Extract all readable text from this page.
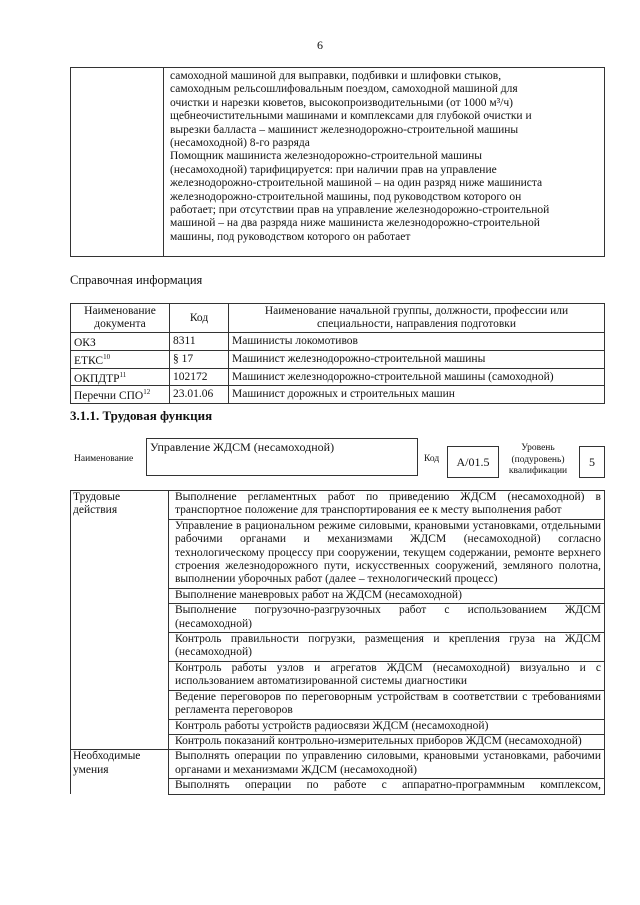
6

самоходной машиной для выправки, подбивки и шлифовки стыков,

самоходным рельсошлифовальным поездом, самоходной машиной для

очистки и нарезки кюветов, высокопроизводительными (от 1000 м³/ч)

щебнеочистительными машинами и комплексами для глубокой очистки и

вырезки балласта – машинист железнодорожно-строительной машины

(несамоходной) 8-го разряда

Помощник машиниста железнодорожно-строительной машины

(несамоходной) тарифицируется: при наличии прав на управление

железнодорожно-строительной машиной – на один разряд ниже машиниста

железнодорожно-строительной машины, под руководством которого он

работает; при отсутствии прав на управление железнодорожно-строительной

машиной – на два разряда ниже машиниста железнодорожно-строительной

машины, под руководством которого он работает

Справочная информация
Наименование документа	Код	Наименование начальной группы, должности, профессии или специальности, направления подготовки
ОКЗ	8311	Машинисты локомотивов
ЕТКС$^{10}$	§ 17	Машинист железнодорожно-строительной машины
ОКПДТР$^{11}$	102172	Машинист железнодорожно-строительной машины (самоходной)
Перечни СПО$^{12}$	23.01.06	Машинист дорожных и строительных машин
3.1.1. Трудовая функция
Наименование
Управление ЖДСМ (несамоходной)
Код	A/01.5
Уровень
(подуровень)
квалификации
5
Трудовые
действия	Выполнение регламентных работ по приведению ЖДСМ (несамоходной) в транспортное положение для транспортирования ее к месту выполнения работ
	Управление в рациональном режиме силовыми, крановыми установками, отдельными рабочими органами и механизмами ЖДСМ (несамоходной) согласно технологическому процессу при сооружении, текущем содержании, ремонте верхнего строения железнодорожного пути, искусственных сооружений, земляного полотна, выполнении уборочных работ (далее – технологический процесс)
	Выполнение маневровых работ на ЖДСМ (несамоходной)
	Выполнение погрузочно-разгрузочных работ с использованием ЖДСМ (несамоходной)
	Контроль правильности погрузки, размещения и крепления груза на ЖДСМ (несамоходной)
	Контроль работы узлов и агрегатов ЖДСМ (несамоходной) визуально и с использованием автоматизированной системы диагностики
	Ведение переговоров по переговорным устройствам в соответствии с требованиями регламента переговоров
	Контроль работы устройств радиосвязи ЖДСМ (несамоходной)
	Контроль показаний контрольно-измерительных приборов ЖДСМ (несамоходной)

Необходимые
умения	Выполнять операции по управлению силовыми, крановыми установками, рабочими органами и механизмами ЖДСМ (несамоходной)
	Выполнять операции по работе с аппаратно-программным комплексом,
